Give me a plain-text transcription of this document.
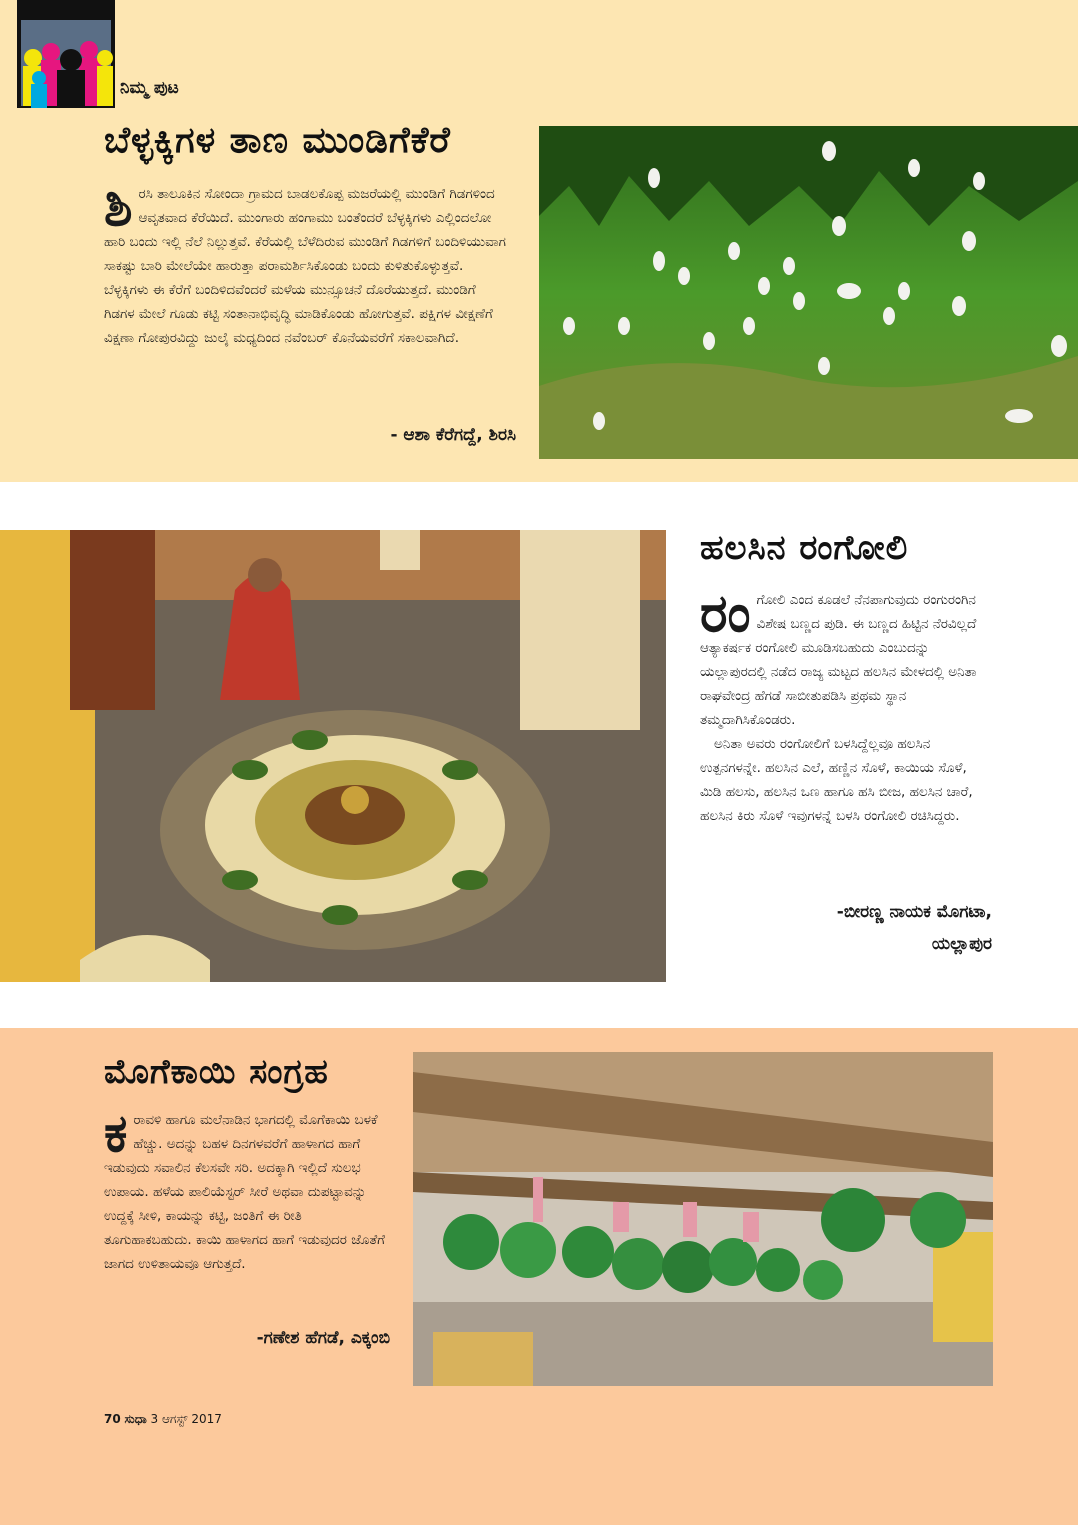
ನಿಮ್ಮ ಪುಟ
ಬೆಳ್ಳಕ್ಕಿಗಳ ತಾಣ ಮುಂಡಿಗೆಕೆರೆ
ಶಿ ರಸಿ ತಾಲೂಕಿನ ಸೋಂದಾ ಗ್ರಾಮದ ಬಾಡಲಕೊಪ್ಪ ಮಜರೆಯಲ್ಲಿ ಮುಂಡಿಗೆ ಗಿಡಗಳಿಂದ ಆವೃತವಾದ ಕೆರೆಯಿದೆ. ಮುಂಗಾರು ಹಂಗಾಮು ಬಂತೆಂದರೆ ಬೆಳ್ಳಕ್ಕಿಗಳು ಎಲ್ಲಿಂದಲೋ ಹಾರಿ ಬಂದು ಇಲ್ಲಿ ನೆಲೆ ನಿಲ್ಲುತ್ತವೆ. ಕೆರೆಯಲ್ಲಿ ಬೆಳೆದಿರುವ ಮುಂಡಿಗೆ ಗಿಡಗಳಿಗೆ ಬಂದಿಳಿಯುವಾಗ ಸಾಕಷ್ಟು ಬಾರಿ ಮೇಲೆಯೇ ಹಾರುತ್ತಾ ಪರಾಮರ್ಶಿಸಿಕೊಂಡು ಬಂದು ಕುಳಿತುಕೊಳ್ಳುತ್ತವೆ. ಬೆಳ್ಳಕ್ಕಿಗಳು ಈ ಕೆರೆಗೆ ಬಂದಿಳಿದವೆಂದರೆ ಮಳೆಯ ಮುನ್ಸೂಚನೆ ದೊರೆಯುತ್ತದೆ. ಮುಂಡಿಗೆ ಗಿಡಗಳ ಮೇಲೆ ಗೂಡು ಕಟ್ಟಿ ಸಂತಾನಾಭಿವೃದ್ಧಿ ಮಾಡಿಕೊಂಡು ಹೋಗುತ್ತವೆ. ಪಕ್ಷಿಗಳ ವೀಕ್ಷಣೆಗೆ ವಿಕ್ಷಣಾ ಗೋಪುರವಿದ್ದು ಜುಲೈ ಮಧ್ಯದಿಂದ ನವೆಂಬರ್ ಕೊನೆಯವರೆಗೆ ಸಕಾಲವಾಗಿದೆ.

- ಆಶಾ ಕೆರೆಗದ್ದೆ, ಶಿರಸಿ
ಹಲಸಿನ ರಂಗೋಲಿ
ರಂ ಗೋಲಿ ಎಂದ ಕೂಡಲೆ ನೆನಪಾಗುವುದು ರಂಗುರಂಗಿನ ವಿಶೇಷ ಬಣ್ಣದ ಪುಡಿ. ಈ ಬಣ್ಣದ ಹಿಟ್ಟಿನ ನೆರವಿಲ್ಲದೆ ಆತ್ಯಾಕರ್ಷಕ ರಂಗೋಲಿ ಮೂಡಿಸಬಹುದು ಎಂಬುದನ್ನು ಯಲ್ಲಾಪುರದಲ್ಲಿ ನಡೆದ ರಾಜ್ಯ ಮಟ್ಟದ ಹಲಸಿನ ಮೇಳದಲ್ಲಿ ಅನಿತಾ ರಾಘವೇಂದ್ರ ಹೆಗಡೆ ಸಾಬೀತುಪಡಿಸಿ ಪ್ರಥಮ ಸ್ಥಾನ ತಮ್ಮದಾಗಿಸಿಕೊಂಡರು.

ಅನಿತಾ ಅವರು ರಂಗೋಲಿಗೆ ಬಳಸಿದ್ದೆಲ್ಲವೂ ಹಲಸಿನ ಉತ್ಪನಗಳನ್ನೇ. ಹಲಸಿನ ಎಲೆ, ಹಣ್ಣಿನ ಸೊಳೆ, ಕಾಯಿಯ ಸೊಳೆ, ಮಿಡಿ ಹಲಸು, ಹಲಸಿನ ಒಣ ಹಾಗೂ ಹಸಿ ಬೀಜ, ಹಲಸಿನ ಚಾರೆ, ಹಲಸಿನ ಕಿರು ಸೊಳೆ ಇವುಗಳನ್ನೆ ಬಳಸಿ ರಂಗೋಲಿ ರಚಿಸಿದ್ದರು.

-ಬೀರಣ್ಣ ನಾಯಕ ಮೊಗಟಾ,
ಯಲ್ಲಾಪುರ
ಮೊಗೆಕಾಯಿ ಸಂಗ್ರಹ
ಕ ರಾವಳಿ ಹಾಗೂ ಮಲೆನಾಡಿನ ಭಾಗದಲ್ಲಿ ಮೊಗೆಕಾಯಿ ಬಳಕೆ ಹೆಚ್ಚು. ಅದನ್ನು ಬಹಳ ದಿನಗಳವರೆಗೆ ಹಾಳಾಗದ ಹಾಗೆ ಇಡುವುದು ಸವಾಲಿನ ಕೆಲಸವೇ ಸರಿ. ಅದಕ್ಕಾಗಿ ಇಲ್ಲಿದೆ ಸುಲಭ ಉಪಾಯ. ಹಳೆಯ ಪಾಲಿಯೆಸ್ಟರ್ ಸೀರೆ ಅಥವಾ ದುಪಟ್ಟಾವನ್ನು ಉದ್ದಕ್ಕೆ ಸೀಳಿ, ಕಾಯನ್ನು ಕಟ್ಟಿ, ಜಂತಿಗೆ ಈ ರೀತಿ ತೂಗುಹಾಕಬಹುದು. ಕಾಯಿ ಹಾಳಾಗದ ಹಾಗೆ ಇಡುವುದರ ಜೊತೆಗೆ ಜಾಗದ ಉಳಿತಾಯವೂ ಆಗುತ್ತದೆ.

-ಗಣೇಶ ಹೆಗಡೆ, ಎಕ್ಕಂಬಿ
70 ಸುಧಾ 3 ಆಗಸ್ಟ್ 2017
